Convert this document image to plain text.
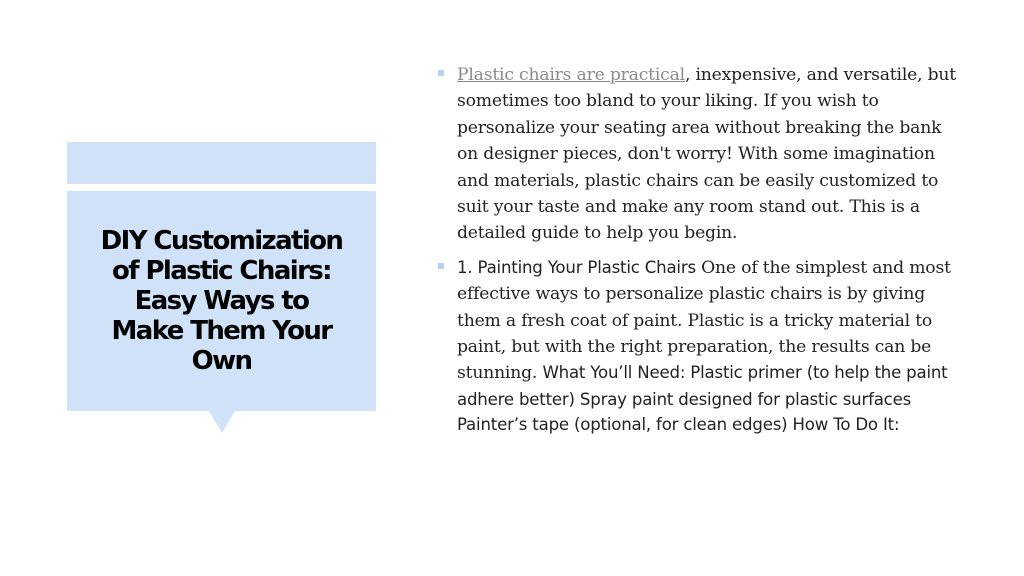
DIY Customization of Plastic Chairs: Easy Ways to Make Them Your Own

Plastic chairs are practical, inexpensive, and versatile, but sometimes too bland to your liking. If you wish to personalize your seating area without breaking the bank on designer pieces, don't worry! With some imagination and materials, plastic chairs can be easily customized to suit your taste and make any room stand out. This is a detailed guide to help you begin.

1. Painting Your Plastic Chairs One of the simplest and most effective ways to personalize plastic chairs is by giving them a fresh coat of paint. Plastic is a tricky material to paint, but with the right preparation, the results can be stunning. What You’ll Need: Plastic primer (to help the paint adhere better) Spray paint designed for plastic surfaces Painter’s tape (optional, for clean edges) How To Do It:
